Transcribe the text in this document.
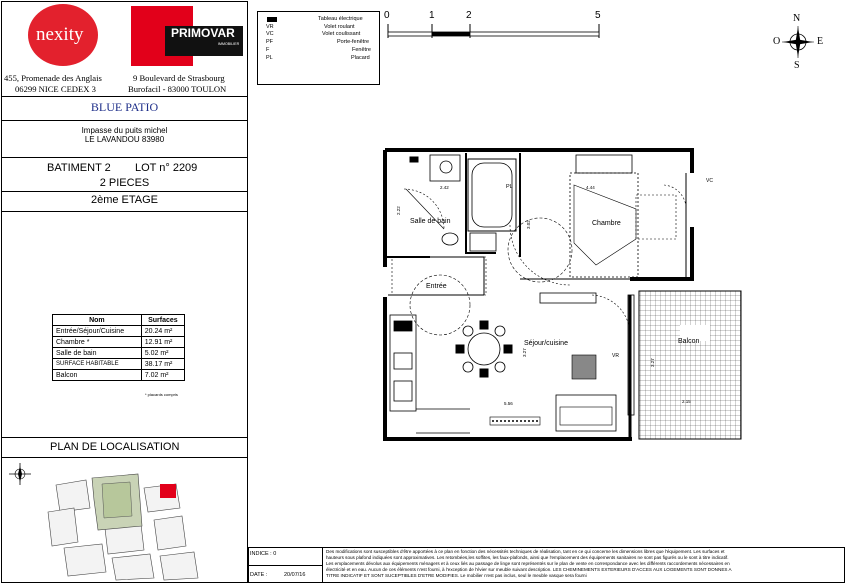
nexity	PRIMOVAR
IMMOBILIER
455, Promenade des Anglais
06299 NICE CEDEX 3
9 Boulevard de Strasbourg
Burofacil - 83000 TOULON
BLUE PATIO
Impasse du puits michel
LE LAVANDOU 83980
BATIMENT 2 LOT n° 2209
2 PIECES
2ème ETAGE
Nom	Surfaces
Entrée/Séjour/Cuisine	20.24 m²
Chambre *	12.91 m²
Salle de bain	5.02 m²
SURFACE HABITABLE	38.17 m²
Balcon	7.02 m²
* placards compris
PLAN DE LOCALISATION
Tableau électrique
VR	Volet roulant
VC	Volet coulissant
PF	Porte-fenêtre
F	Fenêtre
PL	Placard
0	1	2	5	N
S
E
O
Salle de bain	Chambre
Entrée
Séjour/cuisine	Balcon
2.42
2.22
4.44
3.02
3.27
5.56
3.27
2.15
PL
VC
VR
INDICE : 0
DATE :	20/07/16
Des modifications sont susceptibles d'être apportées à ce plan en fonction des nécessités techniques de réalisation, tant en ce qui concerne les dimensions libres que l'équipement. Les surfaces et
hauteurs sous plafond indiquées sont approximatives. Les retombées,les soffites, les faux-plafonds, ainsi que l'emplacement des équipements sanitaires ne sont pas figurés ou le sont à titre indicatif.
Les emplacements dévolus aux équipements ménagers et à ceux liés au passage de linge sont représentés sur le plan de vente en correspondance avec les différents raccordements nécessaires en
électricité et en eau. Aucun de ces éléments n'est fourni, à l'exception de l'évier sur meuble suivant description. LES CHEMINEMENTS EXTERIEURS D'ACCES AUX LOGEMENTS SONT DONNES A
TITRE INDICATIF ET SONT SUCEPTIBLES D'ETRE MODIFIES. Le mobilier n'est pas inclus, seul le meuble vasque sera fourni
